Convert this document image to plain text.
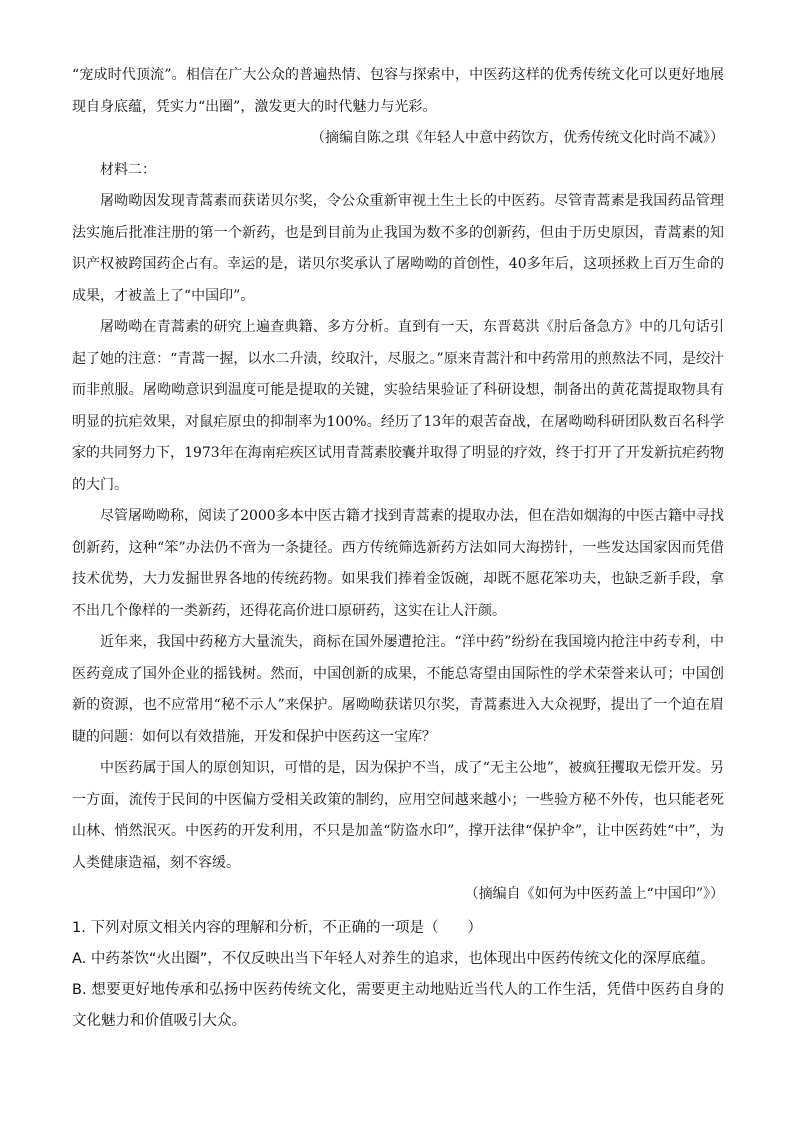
“宠成时代顶流”。相信在广大公众的普遍热情、包容与探索中，中医药这样的优秀传统文化可以更好地展现自身底蕴，凭实力“出圈”，激发更大的时代魅力与光彩。

（摘编自陈之琪《年轻人中意中药饮方，优秀传统文化时尚不减》）

材料二：

屠呦呦因发现青蒿素而获诺贝尔奖，令公众重新审视土生土长的中医药。尽管青蒿素是我国药品管理法实施后批准注册的第一个新药，也是到目前为止我国为数不多的创新药，但由于历史原因，青蒿素的知识产权被跨国药企占有。幸运的是，诺贝尔奖承认了屠呦呦的首创性，40多年后，这项拯救上百万生命的成果，才被盖上了“中国印”。

屠呦呦在青蒿素的研究上遍查典籍、多方分析。直到有一天，东晋葛洪《肘后备急方》中的几句话引起了她的注意：“青蒿一握，以水二升渍，绞取汁，尽服之。”原来青蒿汁和中药常用的煎熬法不同，是绞汁而非煎服。屠呦呦意识到温度可能是提取的关键，实验结果验证了科研设想，制备出的黄花蒿提取物具有明显的抗疟效果，对鼠疟原虫的抑制率为100%。经历了13年的艰苦奋战，在屠呦呦科研团队数百名科学家的共同努力下，1973年在海南疟疾区试用青蒿素胶囊并取得了明显的疗效，终于打开了开发新抗疟药物的大门。

尽管屠呦呦称，阅读了2000多本中医古籍才找到青蒿素的提取办法，但在浩如烟海的中医古籍中寻找创新药，这种“笨”办法仍不啻为一条捷径。西方传统筛选新药方法如同大海捞针，一些发达国家因而凭借技术优势，大力发掘世界各地的传统药物。如果我们捧着金饭碗，却既不愿花笨功夫，也缺乏新手段，拿不出几个像样的一类新药，还得花高价进口原研药，这实在让人汗颜。

近年来，我国中药秘方大量流失，商标在国外屡遭抢注。“洋中药”纷纷在我国境内抢注中药专利，中医药竟成了国外企业的摇钱树。然而，中国创新的成果，不能总寄望由国际性的学术荣誉来认可；中国创新的资源，也不应常用“秘不示人”来保护。屠呦呦获诺贝尔奖，青蒿素进入大众视野，提出了一个迫在眉睫的问题：如何以有效措施，开发和保护中医药这一宝库？

中医药属于国人的原创知识，可惜的是，因为保护不当，成了“无主公地”，被疯狂攫取无偿开发。另一方面，流传于民间的中医偏方受相关政策的制约，应用空间越来越小；一些验方秘不外传，也只能老死山林、悄然泯灭。中医药的开发利用，不只是加盖“防盗水印”，撑开法律“保护伞”，让中医药姓“中”，为人类健康造福，刻不容缓。

（摘编自《如何为中医药盖上“中国印”》）

1. 下列对原文相关内容的理解和分析，不正确的一项是（　　）

A. 中药茶饮“火出圈”，不仅反映出当下年轻人对养生的追求，也体现出中医药传统文化的深厚底蕴。

B. 想要更好地传承和弘扬中医药传统文化，需要更主动地贴近当代人的工作生活，凭借中医药自身的文化魅力和价值吸引大众。
